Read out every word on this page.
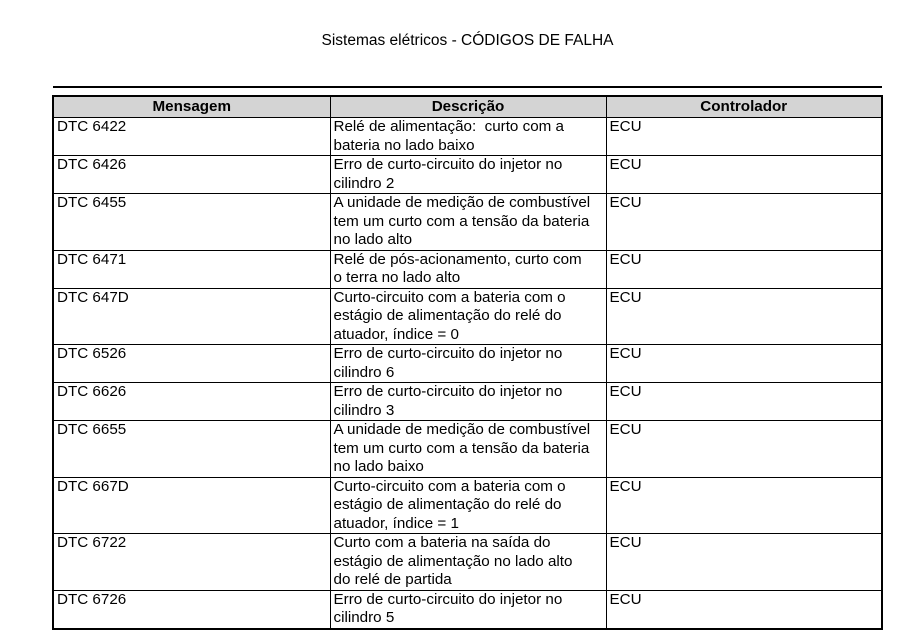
Sistemas elétricos - CÓDIGOS DE FALHA
Mensagem	Descrição	Controlador
DTC 6422	Relé de alimentação:  curto com a
bateria no lado baixo	ECU
DTC 6426	Erro de curto-circuito do injetor no
cilindro 2	ECU
DTC 6455	A unidade de medição de combustível
tem um curto com a tensão da bateria
no lado alto	ECU
DTC 6471	Relé de pós-acionamento, curto com
o terra no lado alto	ECU
DTC 647D	Curto-circuito com a bateria com o
estágio de alimentação do relé do
atuador, índice = 0	ECU
DTC 6526	Erro de curto-circuito do injetor no
cilindro 6	ECU
DTC 6626	Erro de curto-circuito do injetor no
cilindro 3	ECU
DTC 6655	A unidade de medição de combustível
tem um curto com a tensão da bateria
no lado baixo	ECU
DTC 667D	Curto-circuito com a bateria com o
estágio de alimentação do relé do
atuador, índice = 1	ECU
DTC 6722	Curto com a bateria na saída do
estágio de alimentação no lado alto
do relé de partida	ECU
DTC 6726	Erro de curto-circuito do injetor no
cilindro 5	ECU
